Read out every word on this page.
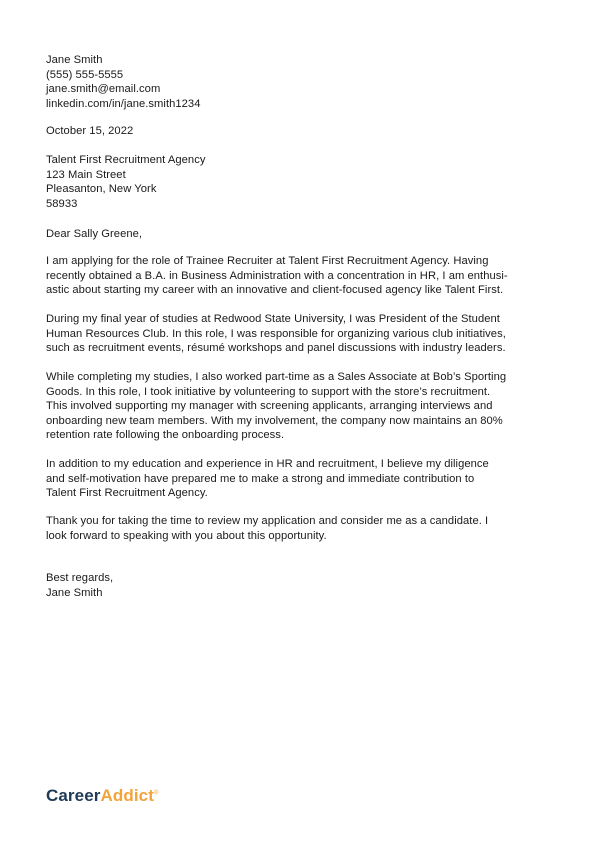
Jane Smith

(555) 555-5555

jane.smith@email.com

linkedin.com/in/jane.smith1234

October 15, 2022

Talent First Recruitment Agency

123 Main Street

Pleasanton, New York

58933

Dear Sally Greene,

I am applying for the role of Trainee Recruiter at Talent First Recruitment Agency. Having
recently obtained a B.A. in Business Administration with a concentration in HR, I am enthusi-
astic about starting my career with an innovative and client-focused agency like Talent First.
During my final year of studies at Redwood State University, I was President of the Student
Human Resources Club. In this role, I was responsible for organizing various club initiatives,
such as recruitment events, résumé workshops and panel discussions with industry leaders.
While completing my studies, I also worked part-time as a Sales Associate at Bob’s Sporting
Goods. In this role, I took initiative by volunteering to support with the store’s recruitment.
This involved supporting my manager with screening applicants, arranging interviews and
onboarding new team members. With my involvement, the company now maintains an 80%
retention rate following the onboarding process.
In addition to my education and experience in HR and recruitment, I believe my diligence
and self-motivation have prepared me to make a strong and immediate contribution to
Talent First Recruitment Agency.
Thank you for taking the time to review my application and consider me as a candidate. I
look forward to speaking with you about this opportunity.

Best regards,

Jane Smith

CareerAddict®
